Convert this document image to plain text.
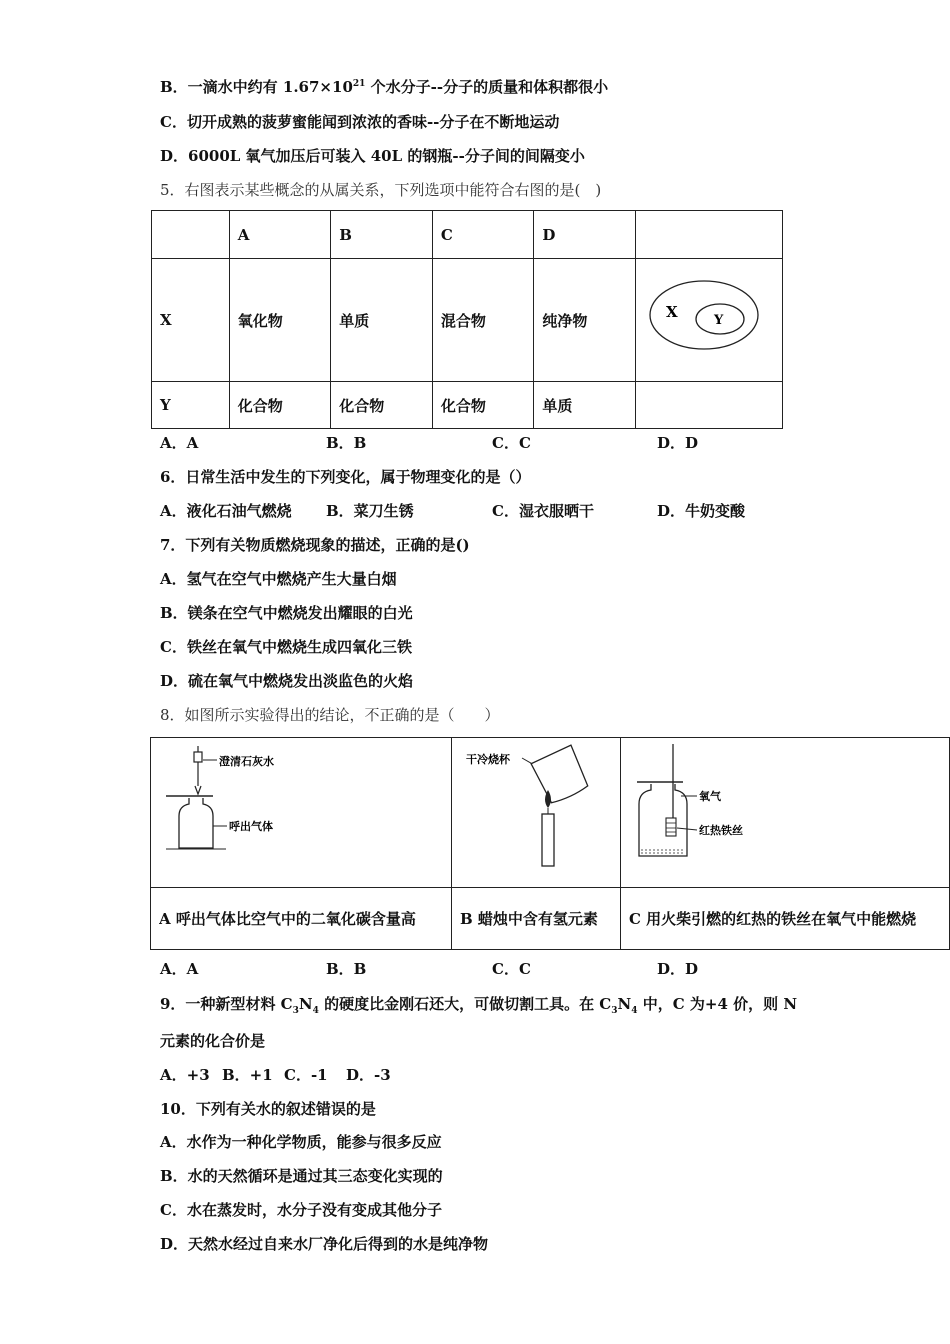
B．一滴水中约有 $1.67\times 10^{21}$ 个水分子--分子的质量和体积都很小
C．切开成熟的菠萝蜜能闻到浓浓的香味--分子在不断地运动
D．6000L 氧气加压后可装入 40L 的钢瓶--分子间的间隔变小
5．右图表示某些概念的从属关系，下列选项中能符合右图的是(　)
	A	B	C	D	
X	氧化物	单质	混合物	纯净物	X Y

Y	化合物	化合物	化合物	单质	
A．A	B．B	C．C	D．D
6．日常生活中发生的下列变化，属于物理变化的是（）
A．液化石油气燃烧 B．菜刀生锈	C．湿衣服晒干	D．牛奶变酸
7．下列有关物质燃烧现象的描述，正确的是()
A．氢气在空气中燃烧产生大量白烟
B．镁条在空气中燃烧发出耀眼的白光
C．铁丝在氧气中燃烧生成四氧化三铁
D．硫在氧气中燃烧发出淡监色的火焰
8．如图所示实验得出的结论，不正确的是（　　）
澄清石灰水
呼出气体	干冷烧杯	氧气
红热铁丝

A 呼出气体比空气中的二氧化碳含量高	B 蜡烛中含有氢元素	C 用火柴引燃的红热的铁丝在氧气中能燃烧
A．A	B．B	C．C	D．D
9．一种新型材料 $C_3N_4$ 的硬度比金刚石还大，可做切割工具。在 $C_3N_4$ 中，C 为+4 价，则 N
元素的化合价是
A．+3 B．+1 C．-1 D．-3
10．下列有关水的叙述错误的是
A．水作为一种化学物质，能参与很多反应
B．水的天然循环是通过其三态变化实现的
C．水在蒸发时，水分子没有变成其他分子
D．天然水经过自来水厂净化后得到的水是纯净物
